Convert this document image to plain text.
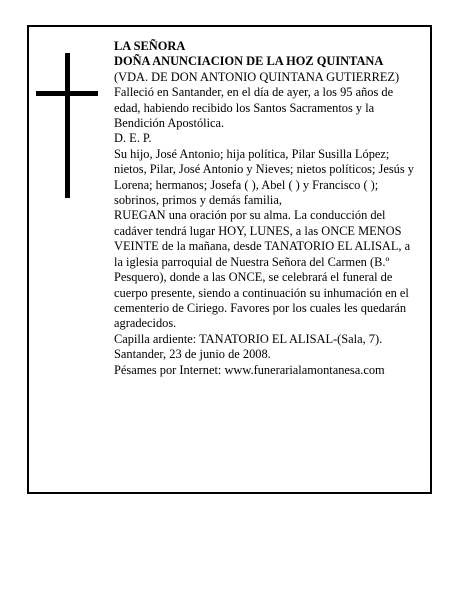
LA SEÑORA

DOÑA ANUNCIACION DE LA HOZ QUINTANA

(VDA. DE DON ANTONIO QUINTANA GUTIERREZ)

Falleció en Santander, en el día de ayer, a los 95 años de edad, habiendo recibido los Santos Sacramentos y la Bendición Apostólica.

D. E. P.

Su hijo, José Antonio; hija política, Pilar Susilla López; nietos, Pilar, José Antonio y Nieves; nietos políticos; Jesús y Lorena; hermanos; Josefa ( ), Abel ( ) y Francisco ( ); sobrinos, primos y demás familia,

RUEGAN una oración por su alma. La conducción del cadáver tendrá lugar HOY, LUNES, a las ONCE MENOS VEINTE de la mañana, desde TANATORIO EL ALISAL, a la iglesia parroquial de Nuestra Señora del Carmen (B.º Pesquero), donde a las ONCE, se celebrará el funeral de cuerpo presente, siendo a continuación su inhumación en el cementerio de Ciriego. Favores por los cuales les quedarán agradecidos.

Capilla ardiente: TANATORIO EL ALISAL-(Sala, 7).

Santander, 23 de junio de 2008.

Pésames por Internet: www.funerarialamontanesa.com
